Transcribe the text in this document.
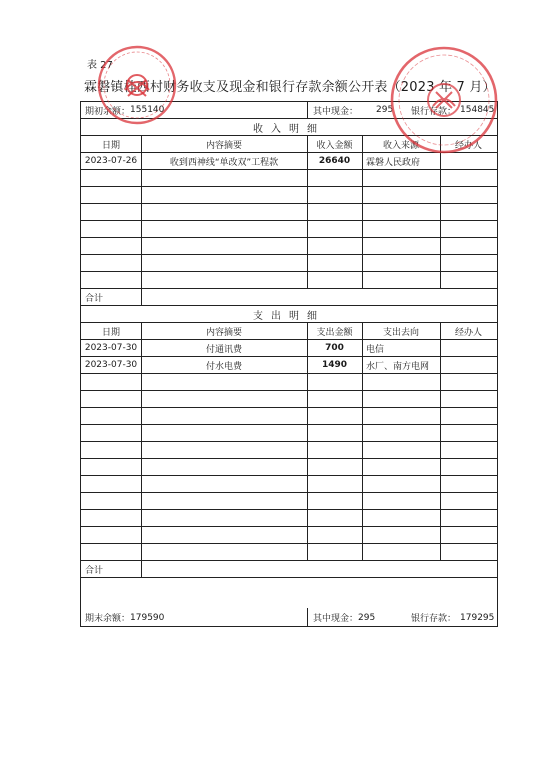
表 27
霖磐镇桂西村财务收支及现金和银行存款余额公开表（2023 年 7 月）
期初余额： 155140	其中现金： 295 银行存款： 154845
收入明细
日期	内容摘要	收入金额	收入来源	经办人
2023-07-26	收到西神线“单改双”工程款	26640	霖磐人民政府
合计
支出明细
日期	内容摘要	支出金额	支出去向	经办人
2023-07-30	付通讯费	700	电信
2023-07-30	付水电费	1490	水厂、南方电网
合计
期末余额： 179590	其中现金： 295	银行存款： 179295
